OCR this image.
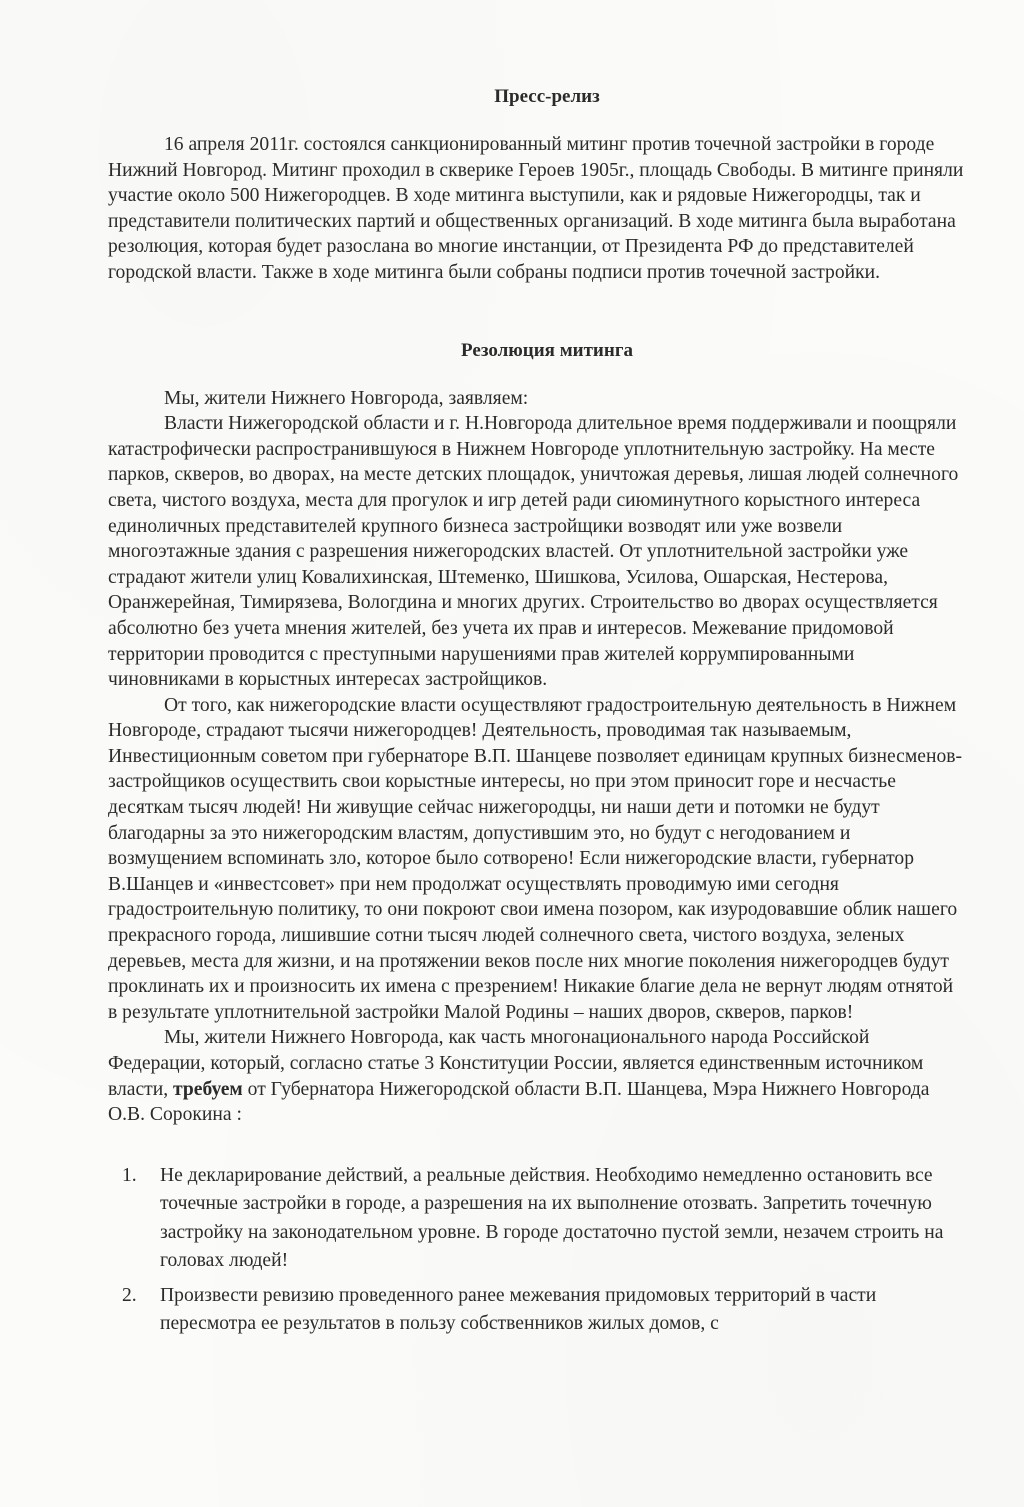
Пресс-релиз

16 апреля 2011г. состоялся санкционированный митинг против точечной застройки в городе Нижний Новгород. Митинг проходил в скверике Героев 1905г., площадь Свободы. В митинге приняли участие около 500 Нижегородцев. В ходе митинга выступили, как и рядовые Нижегородцы, так и представители политических партий и общественных организаций. В ходе митинга была выработана резолюция, которая будет разослана во многие инстанции, от Президента РФ до представителей городской власти. Также в ходе митинга были собраны подписи против точечной застройки.

Резолюция митинга

Мы, жители Нижнего Новгорода, заявляем:

Власти Нижегородской области и г. Н.Новгорода длительное время поддерживали и поощряли катастрофически распространившуюся в Нижнем Новгороде уплотнительную застройку. На месте парков, скверов, во дворах, на месте детских площадок, уничтожая деревья, лишая людей солнечного света, чистого воздуха, места для прогулок и игр детей ради сиюминутного корыстного интереса единоличных представителей крупного бизнеса застройщики возводят или уже возвели многоэтажные здания с разрешения нижегородских властей. От уплотнительной застройки уже страдают жители улиц Ковалихинская, Штеменко, Шишкова, Усилова, Ошарская, Нестерова, Оранжерейная, Тимирязева, Вологдина и многих других. Строительство во дворах осуществляется абсолютно без учета мнения жителей, без учета их прав и интересов. Межевание придомовой территории проводится с преступными нарушениями прав жителей коррумпированными чиновниками в корыстных интересах застройщиков.

От того, как нижегородские власти осуществляют градостроительную деятельность в Нижнем Новгороде, страдают тысячи нижегородцев! Деятельность, проводимая так называемым, Инвестиционным советом при губернаторе В.П. Шанцеве позволяет единицам крупных бизнесменов-застройщиков осуществить свои корыстные интересы, но при этом приносит горе и несчастье десяткам тысяч людей! Ни живущие сейчас нижегородцы, ни наши дети и потомки не будут благодарны за это нижегородским властям, допустившим это, но будут с негодованием и возмущением вспоминать зло, которое было сотворено! Если нижегородские власти, губернатор В.Шанцев и «инвестсовет» при нем продолжат осуществлять проводимую ими сегодня градостроительную политику, то они покроют свои имена позором, как изуродовавшие облик нашего прекрасного города, лишившие сотни тысяч людей солнечного света, чистого воздуха, зеленых деревьев, места для жизни, и на протяжении веков после них многие поколения нижегородцев будут проклинать их и произносить их имена с презрением! Никакие благие дела не вернут людям отнятой в результате уплотнительной застройки Малой Родины – наших дворов, скверов, парков!

Мы, жители Нижнего Новгорода, как часть многонационального народа Российской Федерации, который, согласно статье 3 Конституции России, является единственным источником власти, требуем от Губернатора Нижегородской области В.П. Шанцева, Мэра Нижнего Новгорода О.В. Сорокина :

1. Не декларирование действий, а реальные действия. Необходимо немедленно остановить все точечные застройки в городе, а разрешения на их выполнение отозвать. Запретить точечную застройку на законодательном уровне. В городе достаточно пустой земли, незачем строить на головах людей!
2. Произвести ревизию проведенного ранее межевания придомовых территорий в части пересмотра ее результатов в пользу собственников жилых домов, с
